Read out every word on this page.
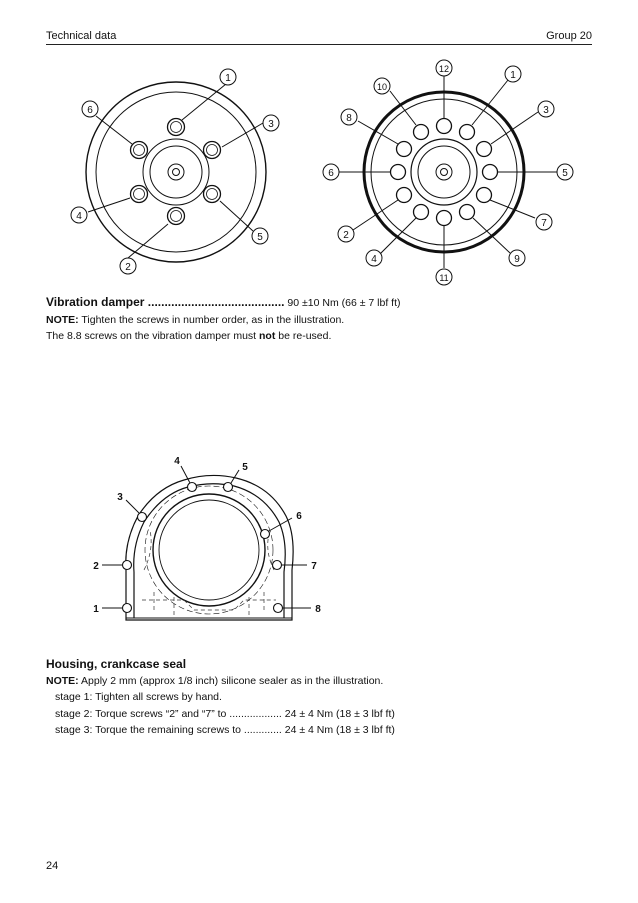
Technical data	Group 20
1
2
3
4
5
6
1
2
3
4
5
6
7
8
9
10
11
12
Vibration damper ......................................... 90 ±10 Nm (66 ± 7 lbf ft)
NOTE: Tighten the screws in number order, as in the illustration.
The 8.8 screws on the vibration damper must not be re-used.
1
2
3
4
5
6
7
8
Housing, crankcase seal
NOTE: Apply 2 mm (approx 1/8 inch) silicone sealer as in the illustration.
stage 1: Tighten all screws by hand.
stage 2: Torque screws “2” and “7” to .................. 24 ± 4 Nm (18 ± 3 lbf ft)
stage 3: Torque the remaining screws to ............. 24 ± 4 Nm (18 ± 3 lbf ft)
24
